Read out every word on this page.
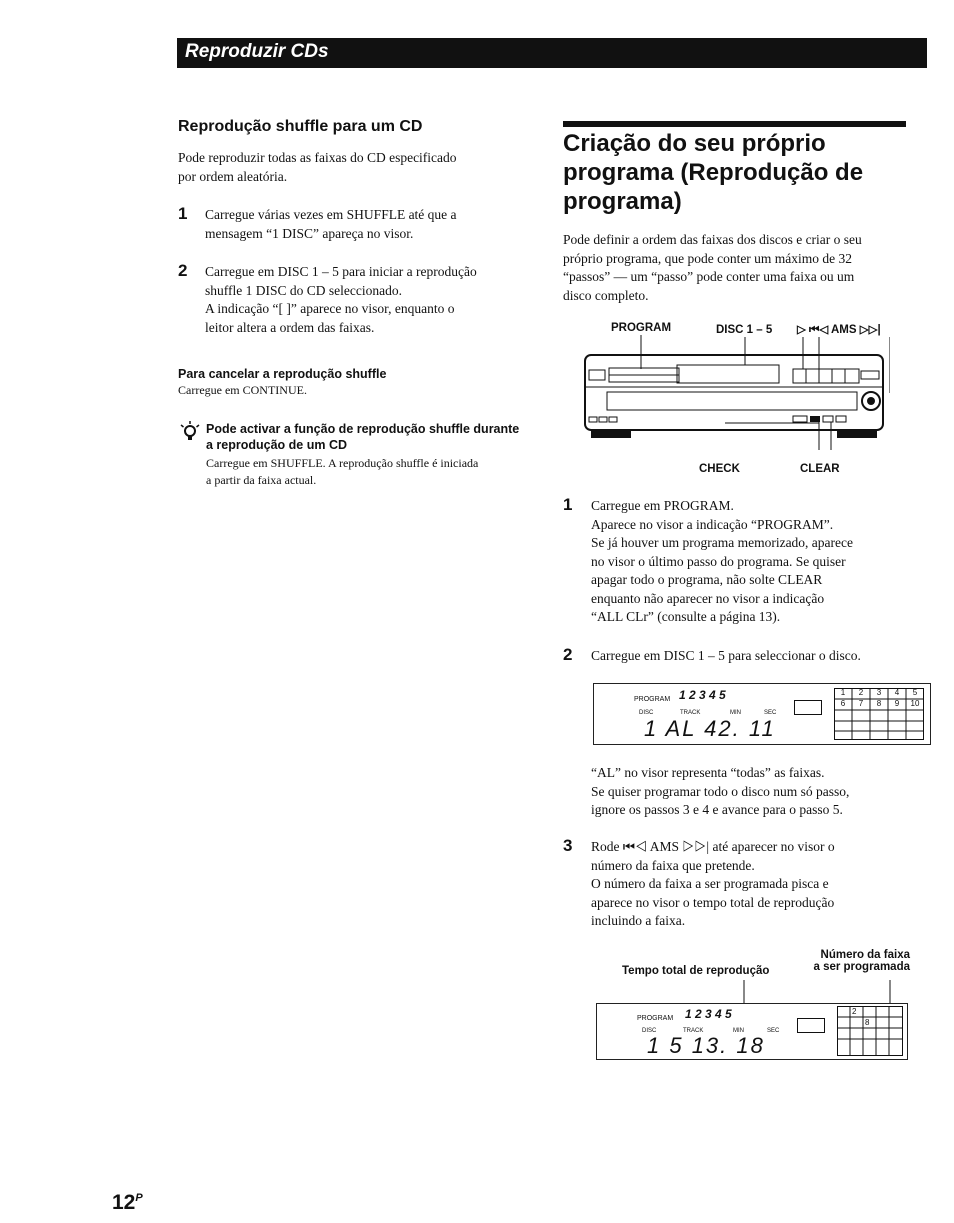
Reproduzir CDs
Reprodução shuffle para um CD
Pode reproduzir todas as faixas do CD especificado
por ordem aleatória.
1 Carregue várias vezes em SHUFFLE até que a
mensagem “1 DISC” apareça no visor.
2 Carregue em DISC 1 – 5 para iniciar a reprodução
shuffle 1 DISC do CD seleccionado.
A indicação “[ ]” aparece no visor, enquanto o
leitor altera a ordem das faixas.
Para cancelar a reprodução shuffle
Carregue em CONTINUE.
Pode activar a função de reprodução shuffle durante
a reprodução de um CD
Carregue em SHUFFLE. A reprodução shuffle é iniciada
a partir da faixa actual.
Criação do seu próprio
programa (Reprodução de
programa)
Pode definir a ordem das faixas dos discos e criar o seu
próprio programa, que pode conter um máximo de 32
“passos” — um “passo” pode conter uma faixa ou um
disco completo.
PROGRAM	DISC 1 – 5 ▷ ⏮◁ AMS ▷▷|
CHECK	CLEAR
1 Carregue em PROGRAM.
Aparece no visor a indicação “PROGRAM”.
Se já houver um programa memorizado, aparece
no visor o último passo do programa. Se quiser
apagar todo o programa, não solte CLEAR
enquanto não aparecer no visor a indicação
“ALL CLr” (consulte a página 13).
2 Carregue em DISC 1 – 5 para seleccionar o disco.
PROGRAM 1 2 3 4 5
DISC	TRACK	MIN	SEC
1 AL 42. 11
1	2	3	4	5
6	7	8	9	10
“AL” no visor representa “todas” as faixas.
Se quiser programar todo o disco num só passo,
ignore os passos 3 e 4 e avance para o passo 5.
3 Rode ⏮◁ AMS ▷▷| até aparecer no visor o
número da faixa que pretende.
O número da faixa a ser programada pisca e
aparece no visor o tempo total de reprodução
incluindo a faixa.
Tempo total de reprodução
Número da faixa
a ser programada
PROGRAM 1 2 3 4 5
DISC	TRACK	MIN	SEC
1 5 13. 18
2
8
$12^P$
